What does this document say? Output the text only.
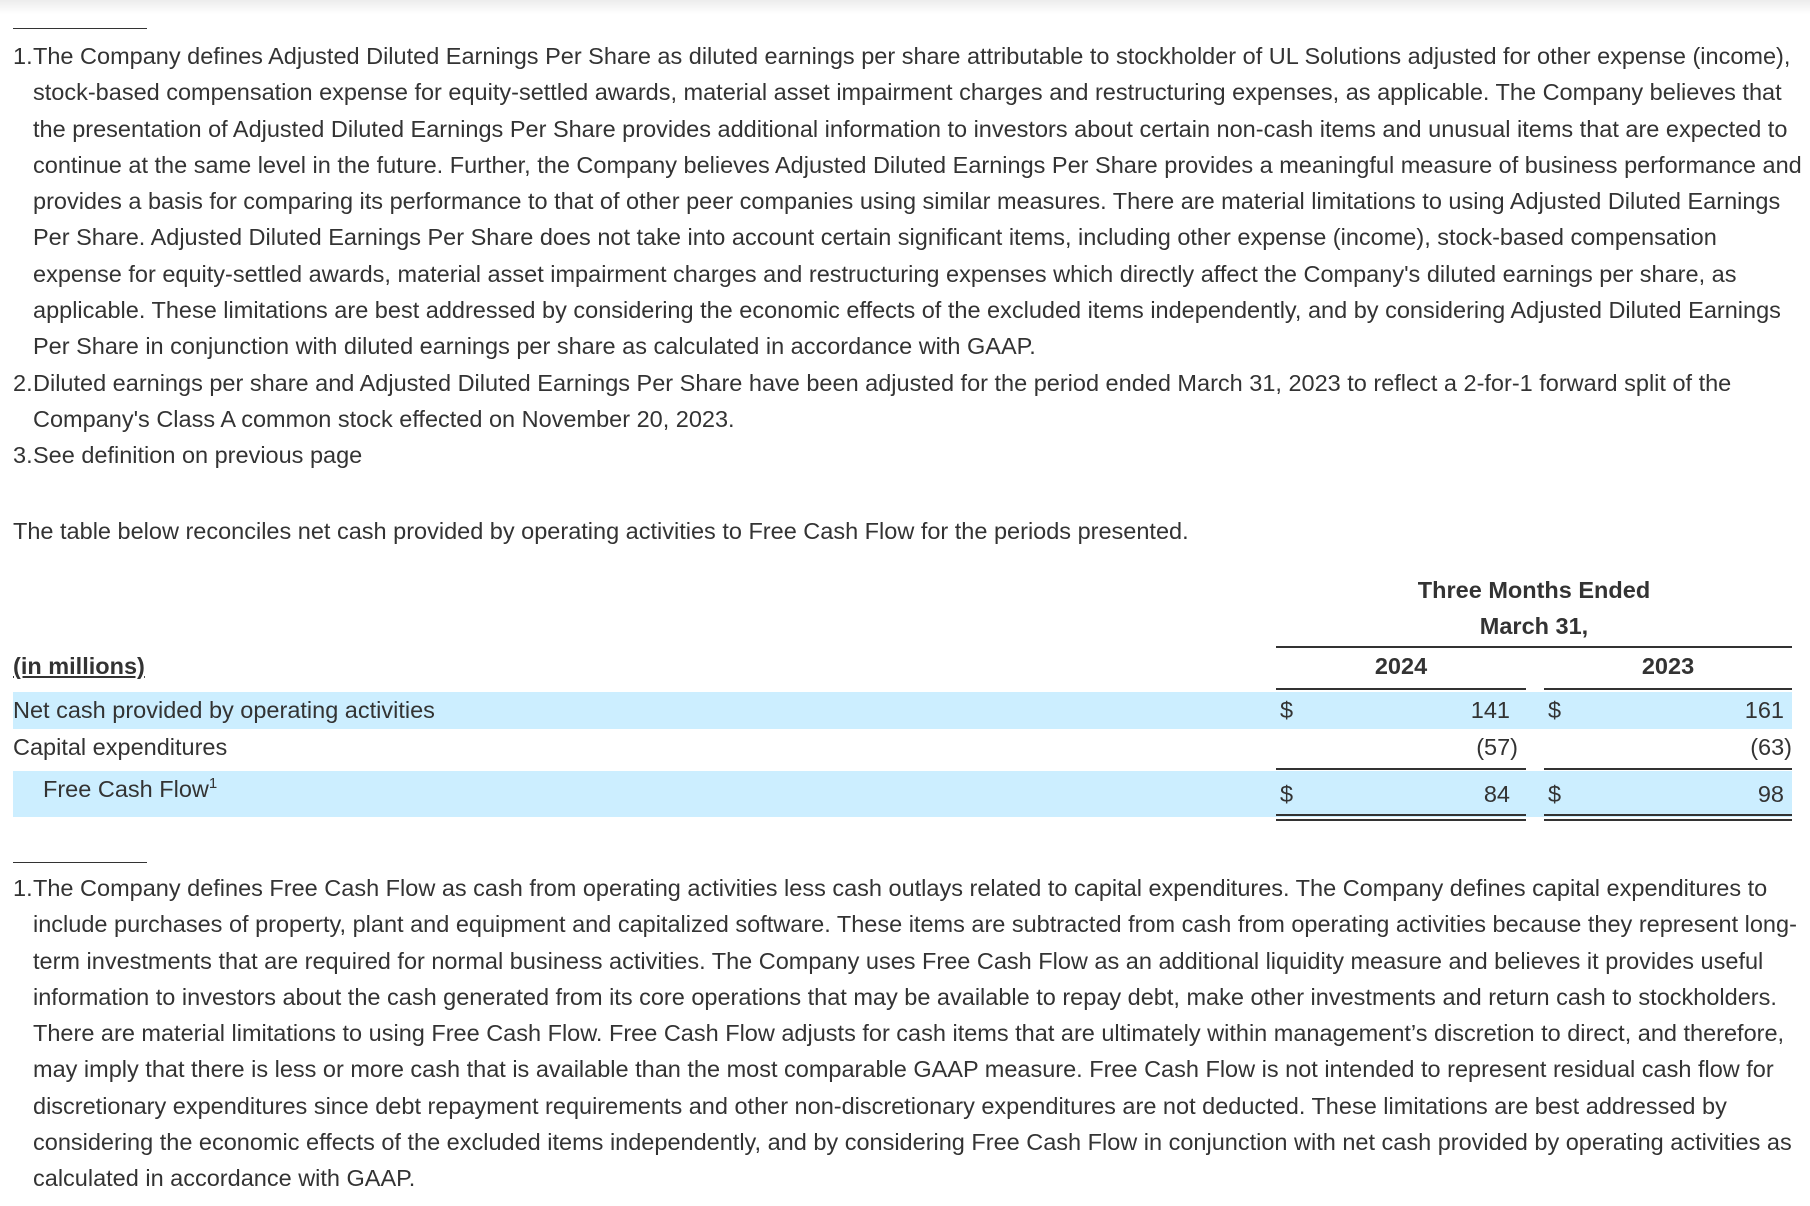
1. The Company defines Adjusted Diluted Earnings Per Share as diluted earnings per share attributable to stockholder of UL Solutions adjusted for other expense (income), stock-based compensation expense for equity-settled awards, material asset impairment charges and restructuring expenses, as applicable. The Company believes that the presentation of Adjusted Diluted Earnings Per Share provides additional information to investors about certain non-cash items and unusual items that are expected to continue at the same level in the future. Further, the Company believes Adjusted Diluted Earnings Per Share provides a meaningful measure of business performance and provides a basis for comparing its performance to that of other peer companies using similar measures. There are material limitations to using Adjusted Diluted Earnings Per Share. Adjusted Diluted Earnings Per Share does not take into account certain significant items, including other expense (income), stock-based compensation expense for equity-settled awards, material asset impairment charges and restructuring expenses which directly affect the Company's diluted earnings per share, as applicable. These limitations are best addressed by considering the economic effects of the excluded items independently, and by considering Adjusted Diluted Earnings Per Share in conjunction with diluted earnings per share as calculated in accordance with GAAP.
2. Diluted earnings per share and Adjusted Diluted Earnings Per Share have been adjusted for the period ended March 31, 2023 to reflect a 2-for-1 forward split of the Company's Class A common stock effected on November 20, 2023.
3. See definition on previous page
The table below reconciles net cash provided by operating activities to Free Cash Flow for the periods presented.
Three Months Ended
March 31,
(in millions)	2024	2023
Net cash provided by operating activities	$	141 $	161
Capital expenditures	(57)	(63)
Free Cash Flow$^1$	$	84 $	98
1. The Company defines Free Cash Flow as cash from operating activities less cash outlays related to capital expenditures. The Company defines capital expenditures to include purchases of property, plant and equipment and capitalized software. These items are subtracted from cash from operating activities because they represent long-term investments that are required for normal business activities. The Company uses Free Cash Flow as an additional liquidity measure and believes it provides useful information to investors about the cash generated from its core operations that may be available to repay debt, make other investments and return cash to stockholders. There are material limitations to using Free Cash Flow. Free Cash Flow adjusts for cash items that are ultimately within management’s discretion to direct, and therefore, may imply that there is less or more cash that is available than the most comparable GAAP measure. Free Cash Flow is not intended to represent residual cash flow for discretionary expenditures since debt repayment requirements and other non-discretionary expenditures are not deducted. These limitations are best addressed by considering the economic effects of the excluded items independently, and by considering Free Cash Flow in conjunction with net cash provided by operating activities as calculated in accordance with GAAP.
